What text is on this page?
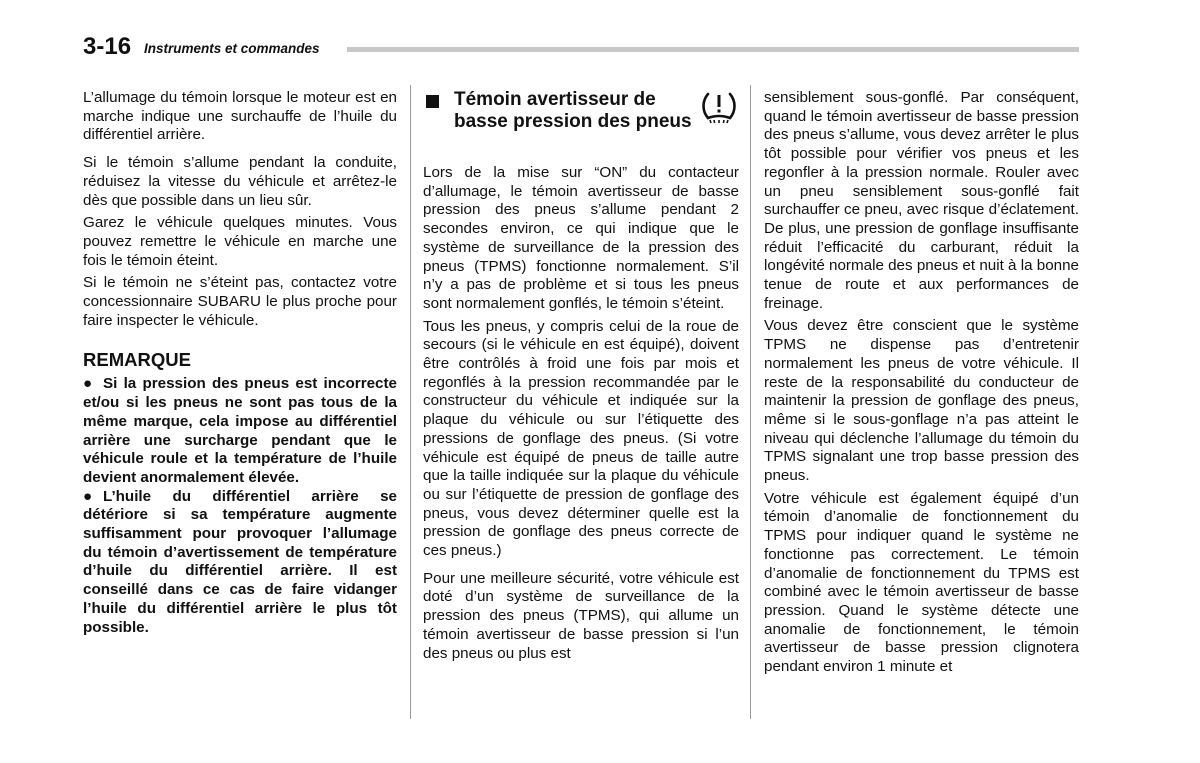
3-16 Instruments et commandes

L’allumage du témoin lorsque le moteur est en marche indique une surchauffe de l’huile du différentiel arrière.

Si le témoin s’allume pendant la conduite, réduisez la vitesse du véhicule et arrêtez-le dès que possible dans un lieu sûr.

Garez le véhicule quelques minutes. Vous pouvez remettre le véhicule en marche une fois le témoin éteint.

Si le témoin ne s’éteint pas, contactez votre concessionnaire SUBARU le plus proche pour faire inspecter le véhicule.

REMARQUE

● Si la pression des pneus est incorrecte et/ou si les pneus ne sont pas tous de la même marque, cela impose au différentiel arrière une surcharge pendant que le véhicule roule et la température de l’huile devient anormalement élevée.

● L’huile du différentiel arrière se détériore si sa température augmente suffisamment pour provoquer l’allumage du témoin d’avertissement de température d’huile du différentiel arrière. Il est conseillé dans ce cas de faire vidanger l’huile du différentiel arrière le plus tôt possible.

Témoin avertisseur de basse pression des pneus

Lors de la mise sur “ON” du contacteur d’allumage, le témoin avertisseur de basse pression des pneus s’allume pendant 2 secondes environ, ce qui indique que le système de surveillance de la pression des pneus (TPMS) fonctionne normalement. S’il n’y a pas de problème et si tous les pneus sont normalement gonflés, le témoin s’éteint.

Tous les pneus, y compris celui de la roue de secours (si le véhicule en est équipé), doivent être contrôlés à froid une fois par mois et regonflés à la pression recommandée par le constructeur du véhicule et indiquée sur la plaque du véhicule ou sur l’étiquette des pressions de gonflage des pneus. (Si votre véhicule est équipé de pneus de taille autre que la taille indiquée sur la plaque du véhicule ou sur l’étiquette de pression de gonflage des pneus, vous devez déterminer quelle est la pression de gonflage des pneus correcte de ces pneus.)

Pour une meilleure sécurité, votre véhicule est doté d’un système de surveillance de la pression des pneus (TPMS), qui allume un témoin avertisseur de basse pression si l’un des pneus ou plus est

sensiblement sous-gonflé. Par conséquent, quand le témoin avertisseur de basse pression des pneus s’allume, vous devez arrêter le plus tôt possible pour vérifier vos pneus et les regonfler à la pression normale. Rouler avec un pneu sensiblement sous-gonflé fait surchauffer ce pneu, avec risque d’éclatement. De plus, une pression de gonflage insuffisante réduit l’efficacité du carburant, réduit la longévité normale des pneus et nuit à la bonne tenue de route et aux performances de freinage.

Vous devez être conscient que le système TPMS ne dispense pas d’entretenir normalement les pneus de votre véhicule. Il reste de la responsabilité du conducteur de maintenir la pression de gonflage des pneus, même si le sous-gonflage n’a pas atteint le niveau qui déclenche l’allumage du témoin du TPMS signalant une trop basse pression des pneus.

Votre véhicule est également équipé d’un témoin d’anomalie de fonctionnement du TPMS pour indiquer quand le système ne fonctionne pas correctement. Le témoin d’anomalie de fonctionnement du TPMS est combiné avec le témoin avertisseur de basse pression. Quand le système détecte une anomalie de fonctionnement, le témoin avertisseur de basse pression clignotera pendant environ 1 minute et
